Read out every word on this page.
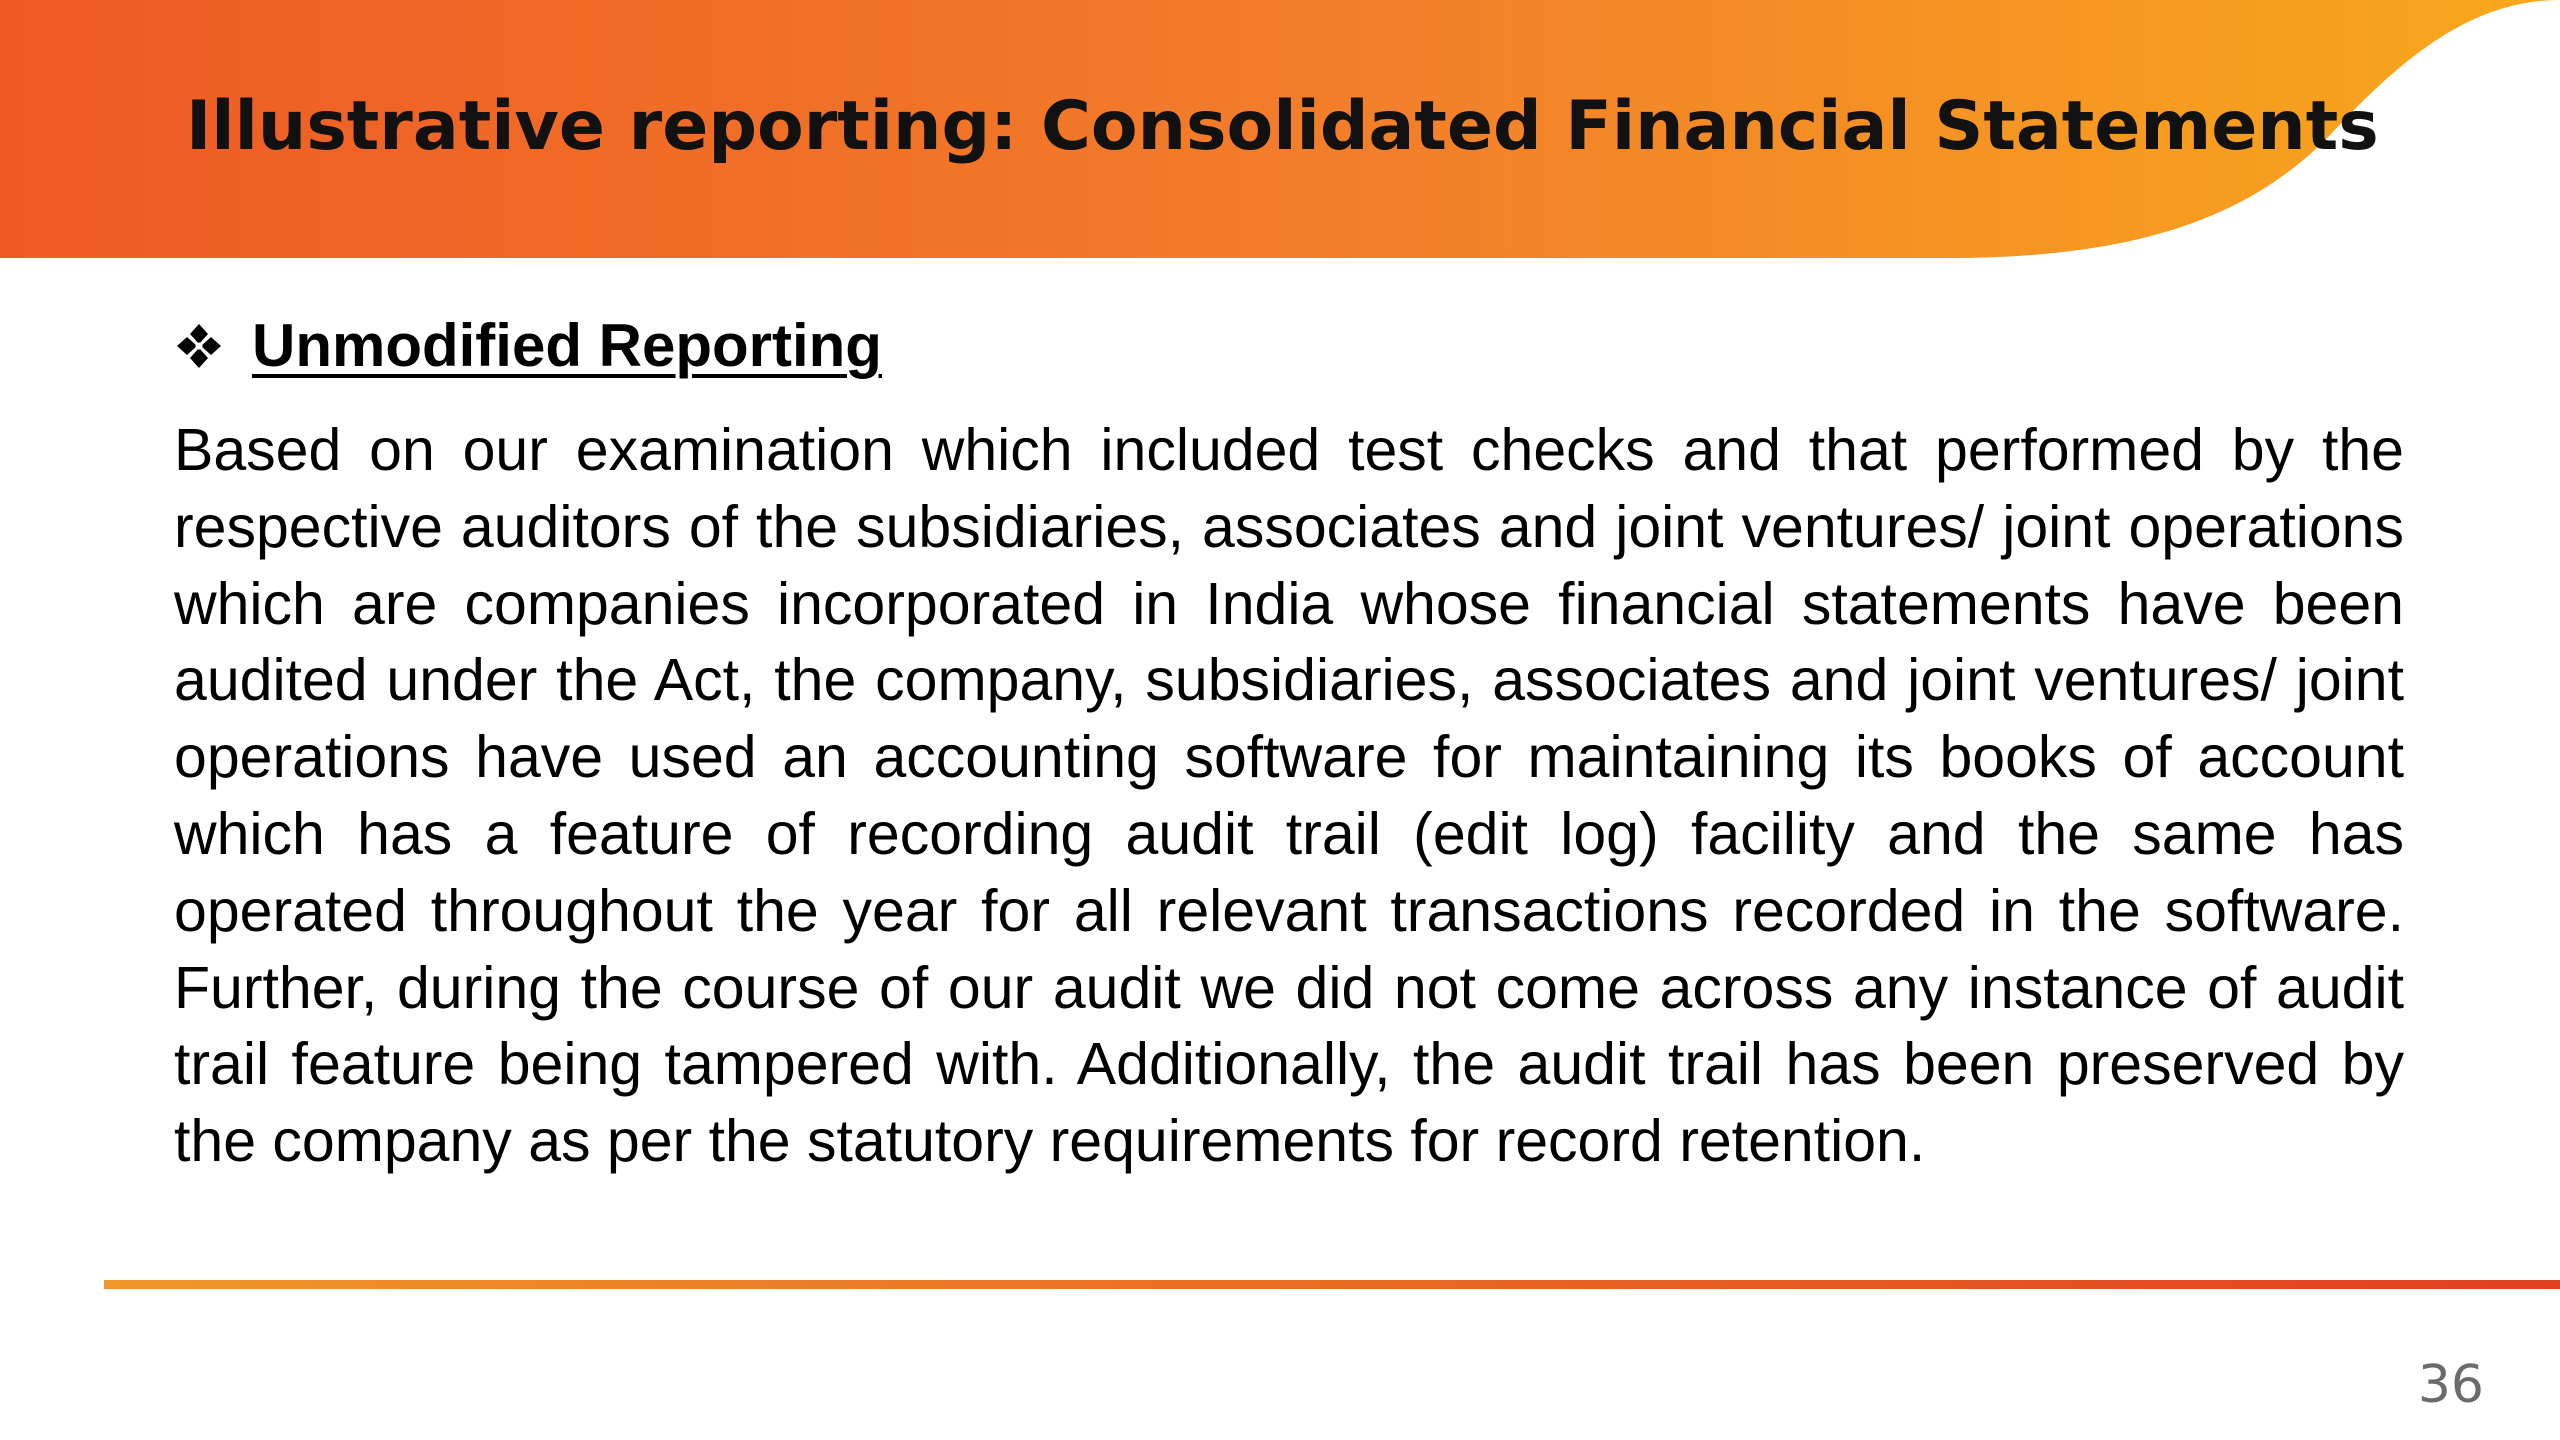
Illustrative reporting: Consolidated Financial Statements
Unmodified Reporting

Based on our examination which included test checks and that performed by the respective auditors of the subsidiaries, associates and joint ventures/ joint operations which are companies incorporated in India whose financial statements have been audited under the Act, the company, subsidiaries, associates and joint ventures/ joint operations have used an accounting software for maintaining its books of account which has a feature of recording audit trail (edit log) facility and the same has operated throughout the year for all relevant transactions recorded in the software. Further, during the course of our audit we did not come across any instance of audit trail feature being tampered with. Additionally, the audit trail has been preserved by the company as per the statutory requirements for record retention.

36
